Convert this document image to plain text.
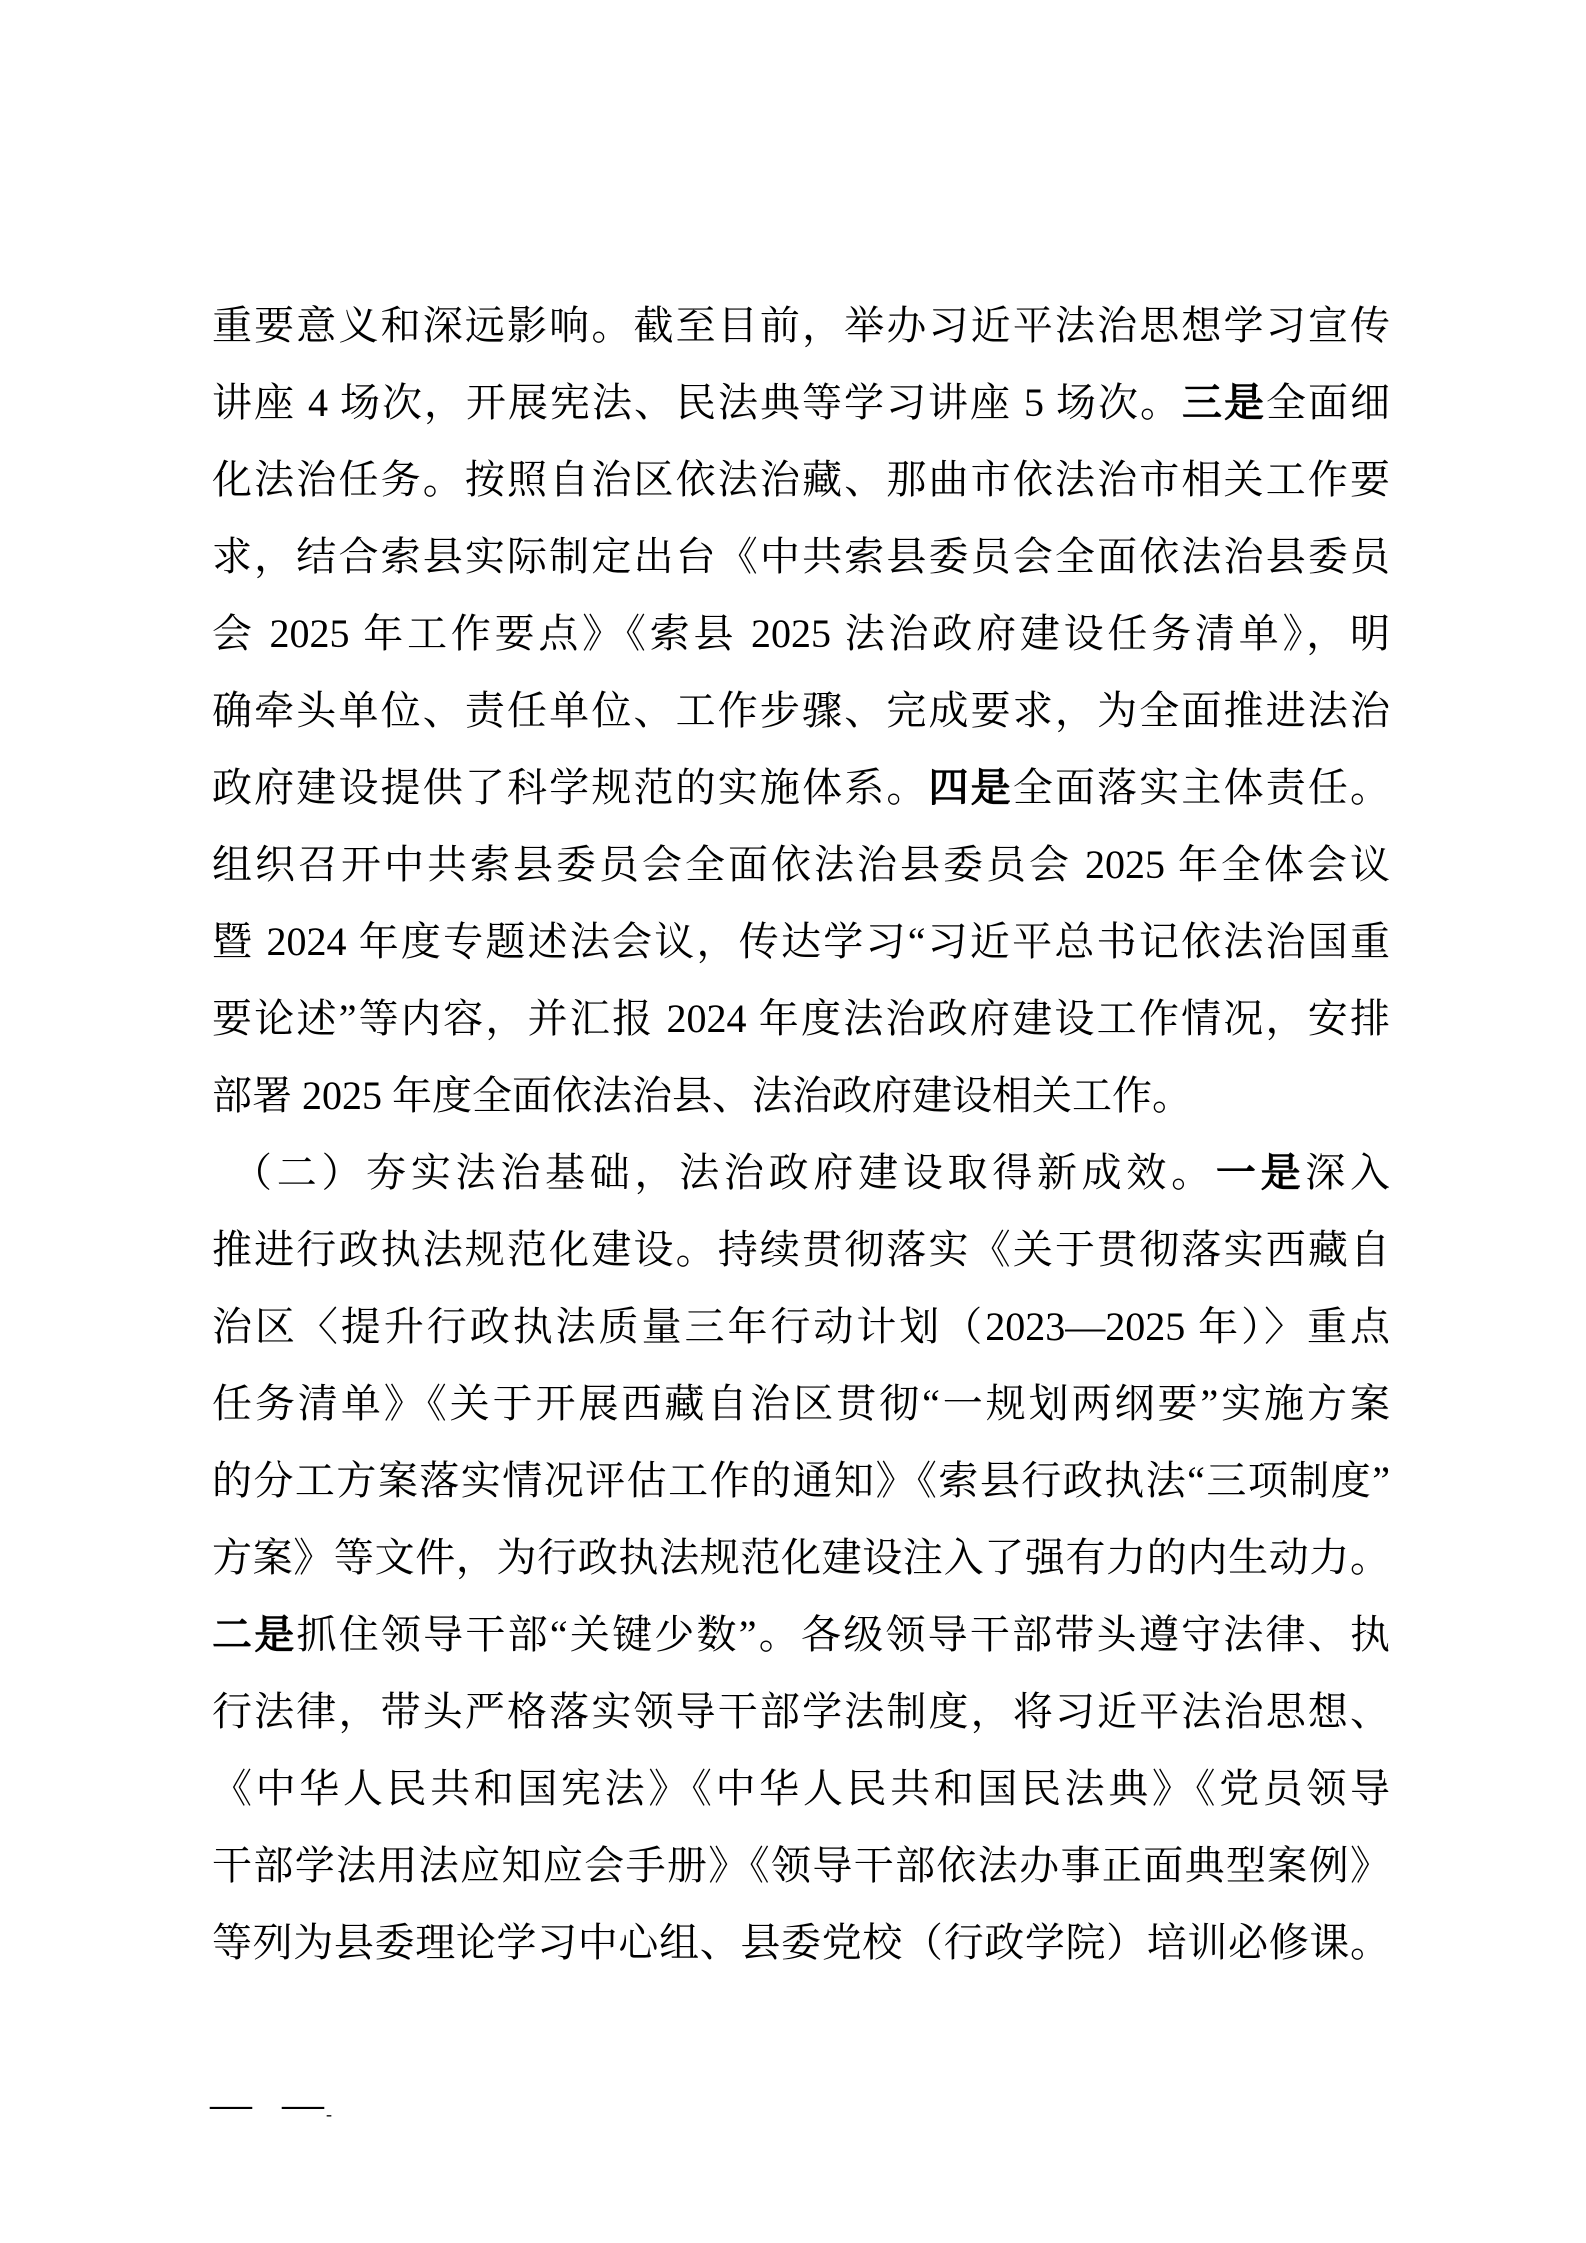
重要意义和深远影响。截至目前，举办习近平法治思想学习宣传
讲座 4 场次，开展宪法、民法典等学习讲座 5 场次。三是全面细
化法治任务。按照自治区依法治藏、那曲市依法治市相关工作要
求，结合索县实际制定出台《中共索县委员会全面依法治县委员
会 2025 年工作要点》《索县 2025 法治政府建设任务清单》，明
确牵头单位、责任单位、工作步骤、完成要求，为全面推进法治
政府建设提供了科学规范的实施体系。四是全面落实主体责任。
组织召开中共索县委员会全面依法治县委员会 2025 年全体会议
暨 2024 年度专题述法会议，传达学习“习近平总书记依法治国重
要论述”等内容，并汇报 2024 年度法治政府建设工作情况，安排
部署 2025 年度全面依法治县、法治政府建设相关工作。
（二）夯实法治基础，法治政府建设取得新成效。一是深入
推进行政执法规范化建设。持续贯彻落实《关于贯彻落实西藏自
治区〈提升行政执法质量三年行动计划（2023—2025 年）〉重点
任务清单》《关于开展西藏自治区贯彻“一规划两纲要”实施方案
的分工方案落实情况评估工作的通知》《索县行政执法“三项制度”
方案》等文件，为行政执法规范化建设注入了强有力的内生动力。
二是抓住领导干部“关键少数”。各级领导干部带头遵守法律、执
行法律，带头严格落实领导干部学法制度，将习近平法治思想、
《中华人民共和国宪法》《中华人民共和国民法典》《党员领导
干部学法用法应知应会手册》《领导干部依法办事正面典型案例》
等列为县委理论学习中心组、县委党校（行政学院）培训必修课。
— — -
